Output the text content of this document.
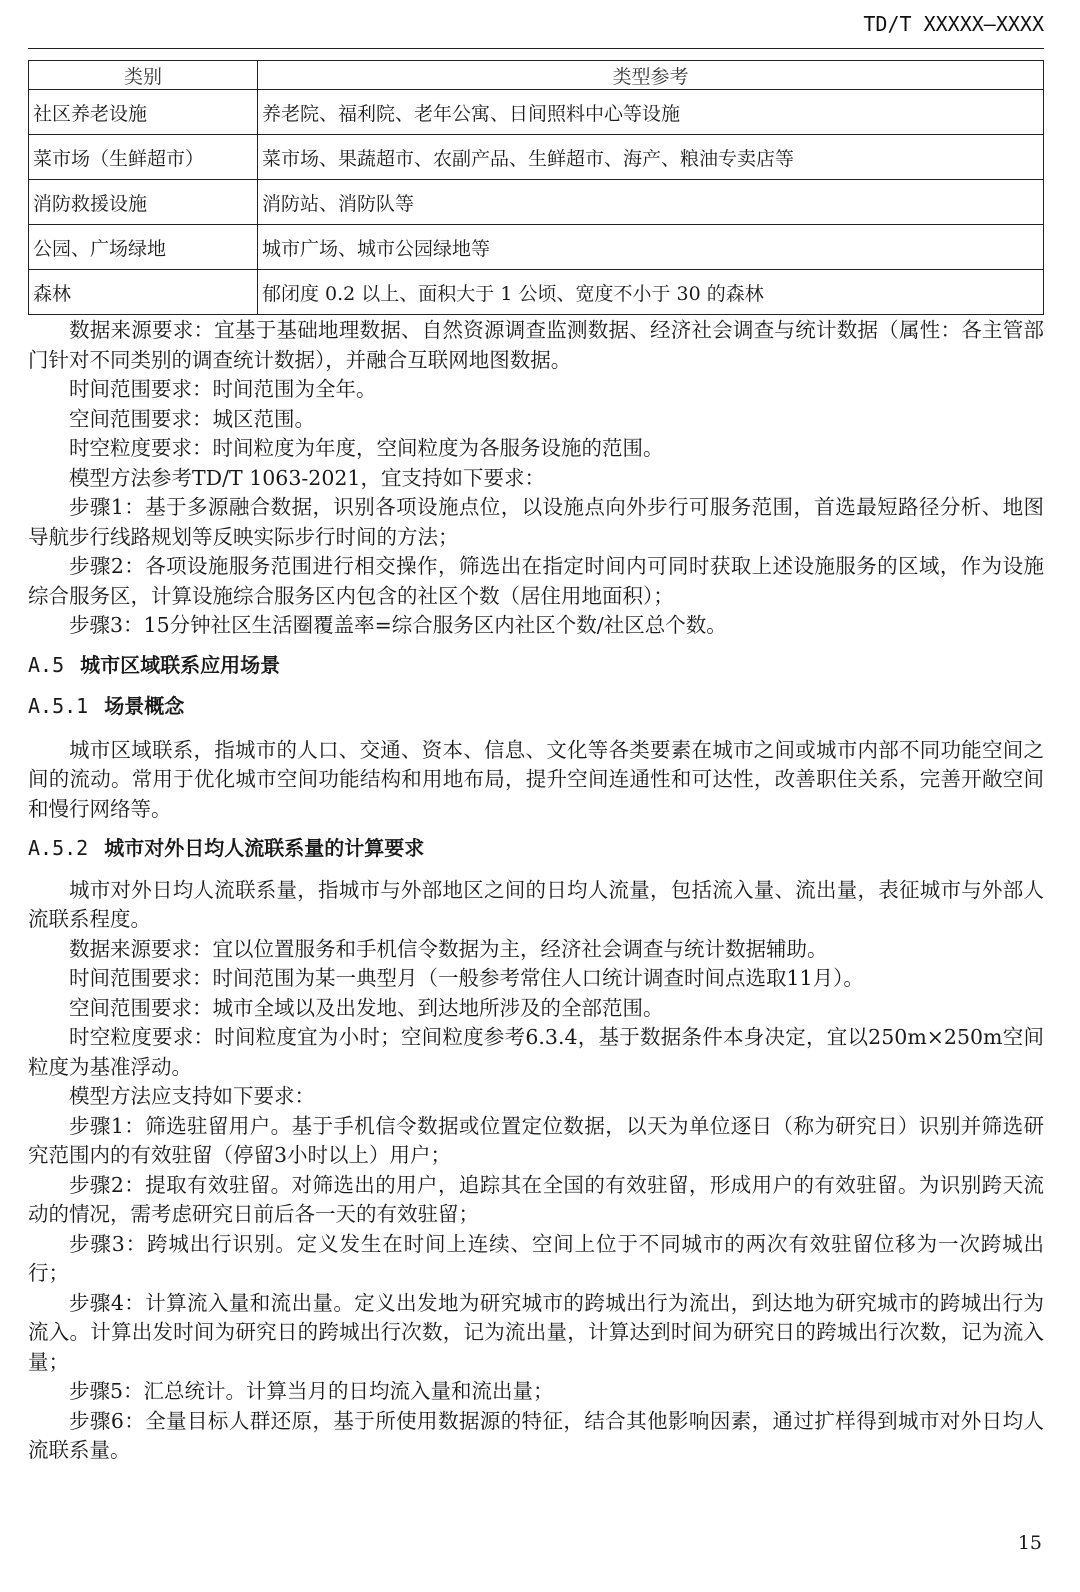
TD/T XXXXX—XXXX
类别	类型参考
社区养老设施	养老院、福利院、老年公寓、日间照料中心等设施
菜市场（生鲜超市）	菜市场、果蔬超市、农副产品、生鲜超市、海产、粮油专卖店等
消防救援设施	消防站、消防队等
公园、广场绿地	城市广场、城市公园绿地等
森林	郁闭度 0.2 以上、面积大于 1 公顷、宽度不小于 30 的森林

数据来源要求：宜基于基础地理数据、自然资源调查监测数据、经济社会调查与统计数据（属性：各主管部门针对不同类别的调查统计数据），并融合互联网地图数据。

时间范围要求：时间范围为全年。

空间范围要求：城区范围。

时空粒度要求：时间粒度为年度，空间粒度为各服务设施的范围。

模型方法参考TD/T 1063-2021，宜支持如下要求：

步骤1：基于多源融合数据，识别各项设施点位，以设施点向外步行可服务范围，首选最短路径分析、地图导航步行线路规划等反映实际步行时间的方法；

步骤2：各项设施服务范围进行相交操作，筛选出在指定时间内可同时获取上述设施服务的区域，作为设施综合服务区，计算设施综合服务区内包含的社区个数（居住用地面积）；

步骤3：15分钟社区生活圈覆盖率=综合服务区内社区个数/社区总个数。

A.5 城市区域联系应用场景
A.5.1 场景概念

城市区域联系，指城市的人口、交通、资本、信息、文化等各类要素在城市之间或城市内部不同功能空间之间的流动。常用于优化城市空间功能结构和用地布局，提升空间连通性和可达性，改善职住关系，完善开敞空间和慢行网络等。

A.5.2 城市对外日均人流联系量的计算要求

城市对外日均人流联系量，指城市与外部地区之间的日均人流量，包括流入量、流出量，表征城市与外部人流联系程度。

数据来源要求：宜以位置服务和手机信令数据为主，经济社会调查与统计数据辅助。

时间范围要求：时间范围为某一典型月（一般参考常住人口统计调查时间点选取11月）。

空间范围要求：城市全域以及出发地、到达地所涉及的全部范围。

时空粒度要求：时间粒度宜为小时；空间粒度参考6.3.4，基于数据条件本身决定，宜以250m×250m空间粒度为基准浮动。

模型方法应支持如下要求：

步骤1：筛选驻留用户。基于手机信令数据或位置定位数据，以天为单位逐日（称为研究日）识别并筛选研究范围内的有效驻留（停留3小时以上）用户；

步骤2：提取有效驻留。对筛选出的用户，追踪其在全国的有效驻留，形成用户的有效驻留。为识别跨天流动的情况，需考虑研究日前后各一天的有效驻留；

步骤3：跨城出行识别。定义发生在时间上连续、空间上位于不同城市的两次有效驻留位移为一次跨城出行；

步骤4：计算流入量和流出量。定义出发地为研究城市的跨城出行为流出，到达地为研究城市的跨城出行为流入。计算出发时间为研究日的跨城出行次数，记为流出量，计算达到时间为研究日的跨城出行次数，记为流入量；

步骤5：汇总统计。计算当月的日均流入量和流出量；

步骤6：全量目标人群还原，基于所使用数据源的特征，结合其他影响因素，通过扩样得到城市对外日均人流联系量。

15
